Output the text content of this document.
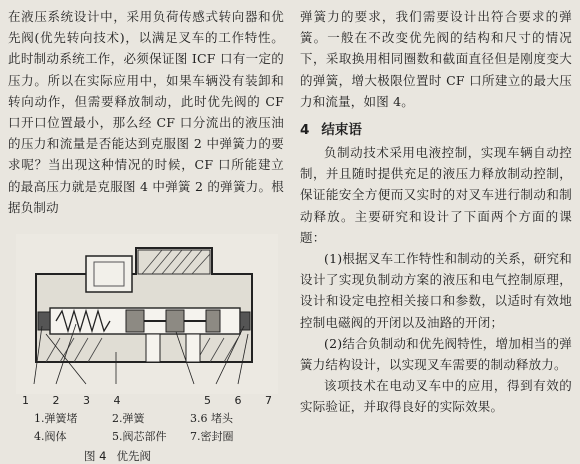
在液压系统设计中，采用负荷传感式转向器和优先阀(优先转向技术)，以满足叉车的工作特性。此时制动系统工作，必须保证图 ICF 口有一定的压力。所以在实际应用中，如果车辆没有装卸和转向动作，但需要释放制动，此时优先阀的 CF 口开口位置最小，那么经 CF 口分流出的液压油的压力和流量是否能达到克服图 2 中弹簧力的要求呢？当出现这种情况的时候，CF 口所能建立的最高压力就是克服图 4 中弹簧 2 的弹簧力。根据负制动

1 2 3 4	5 6 7
1.弹簧堵	2.弹簧	3.6 堵头
4.阀体	5.阀芯部件	7.密封圈
图 4 优先阀

弹簧力的要求，我们需要设计出符合要求的弹簧。一般在不改变优先阀的结构和尺寸的情况下，采取换用相同圈数和截面直径但是刚度变大的弹簧，增大极限位置时 CF 口所建立的最大压力和流量，如图 4。

4 结束语

负制动技术采用电液控制，实现车辆自动控制，并且随时提供充足的液压力释放制动控制，保证能安全方便而又实时的对叉车进行制动和制动释放。主要研究和设计了下面两个方面的课题：

(1)根据叉车工作特性和制动的关系，研究和设计了实现负制动方案的液压和电气控制原理，设计和设定电控相关接口和参数，以适时有效地控制电磁阀的开闭以及油路的开闭；

(2)结合负制动和优先阀特性，增加相当的弹簧力结构设计，以实现叉车需要的制动释放力。

该项技术在电动叉车中的应用，得到有效的实际验证，并取得良好的实际效果。
